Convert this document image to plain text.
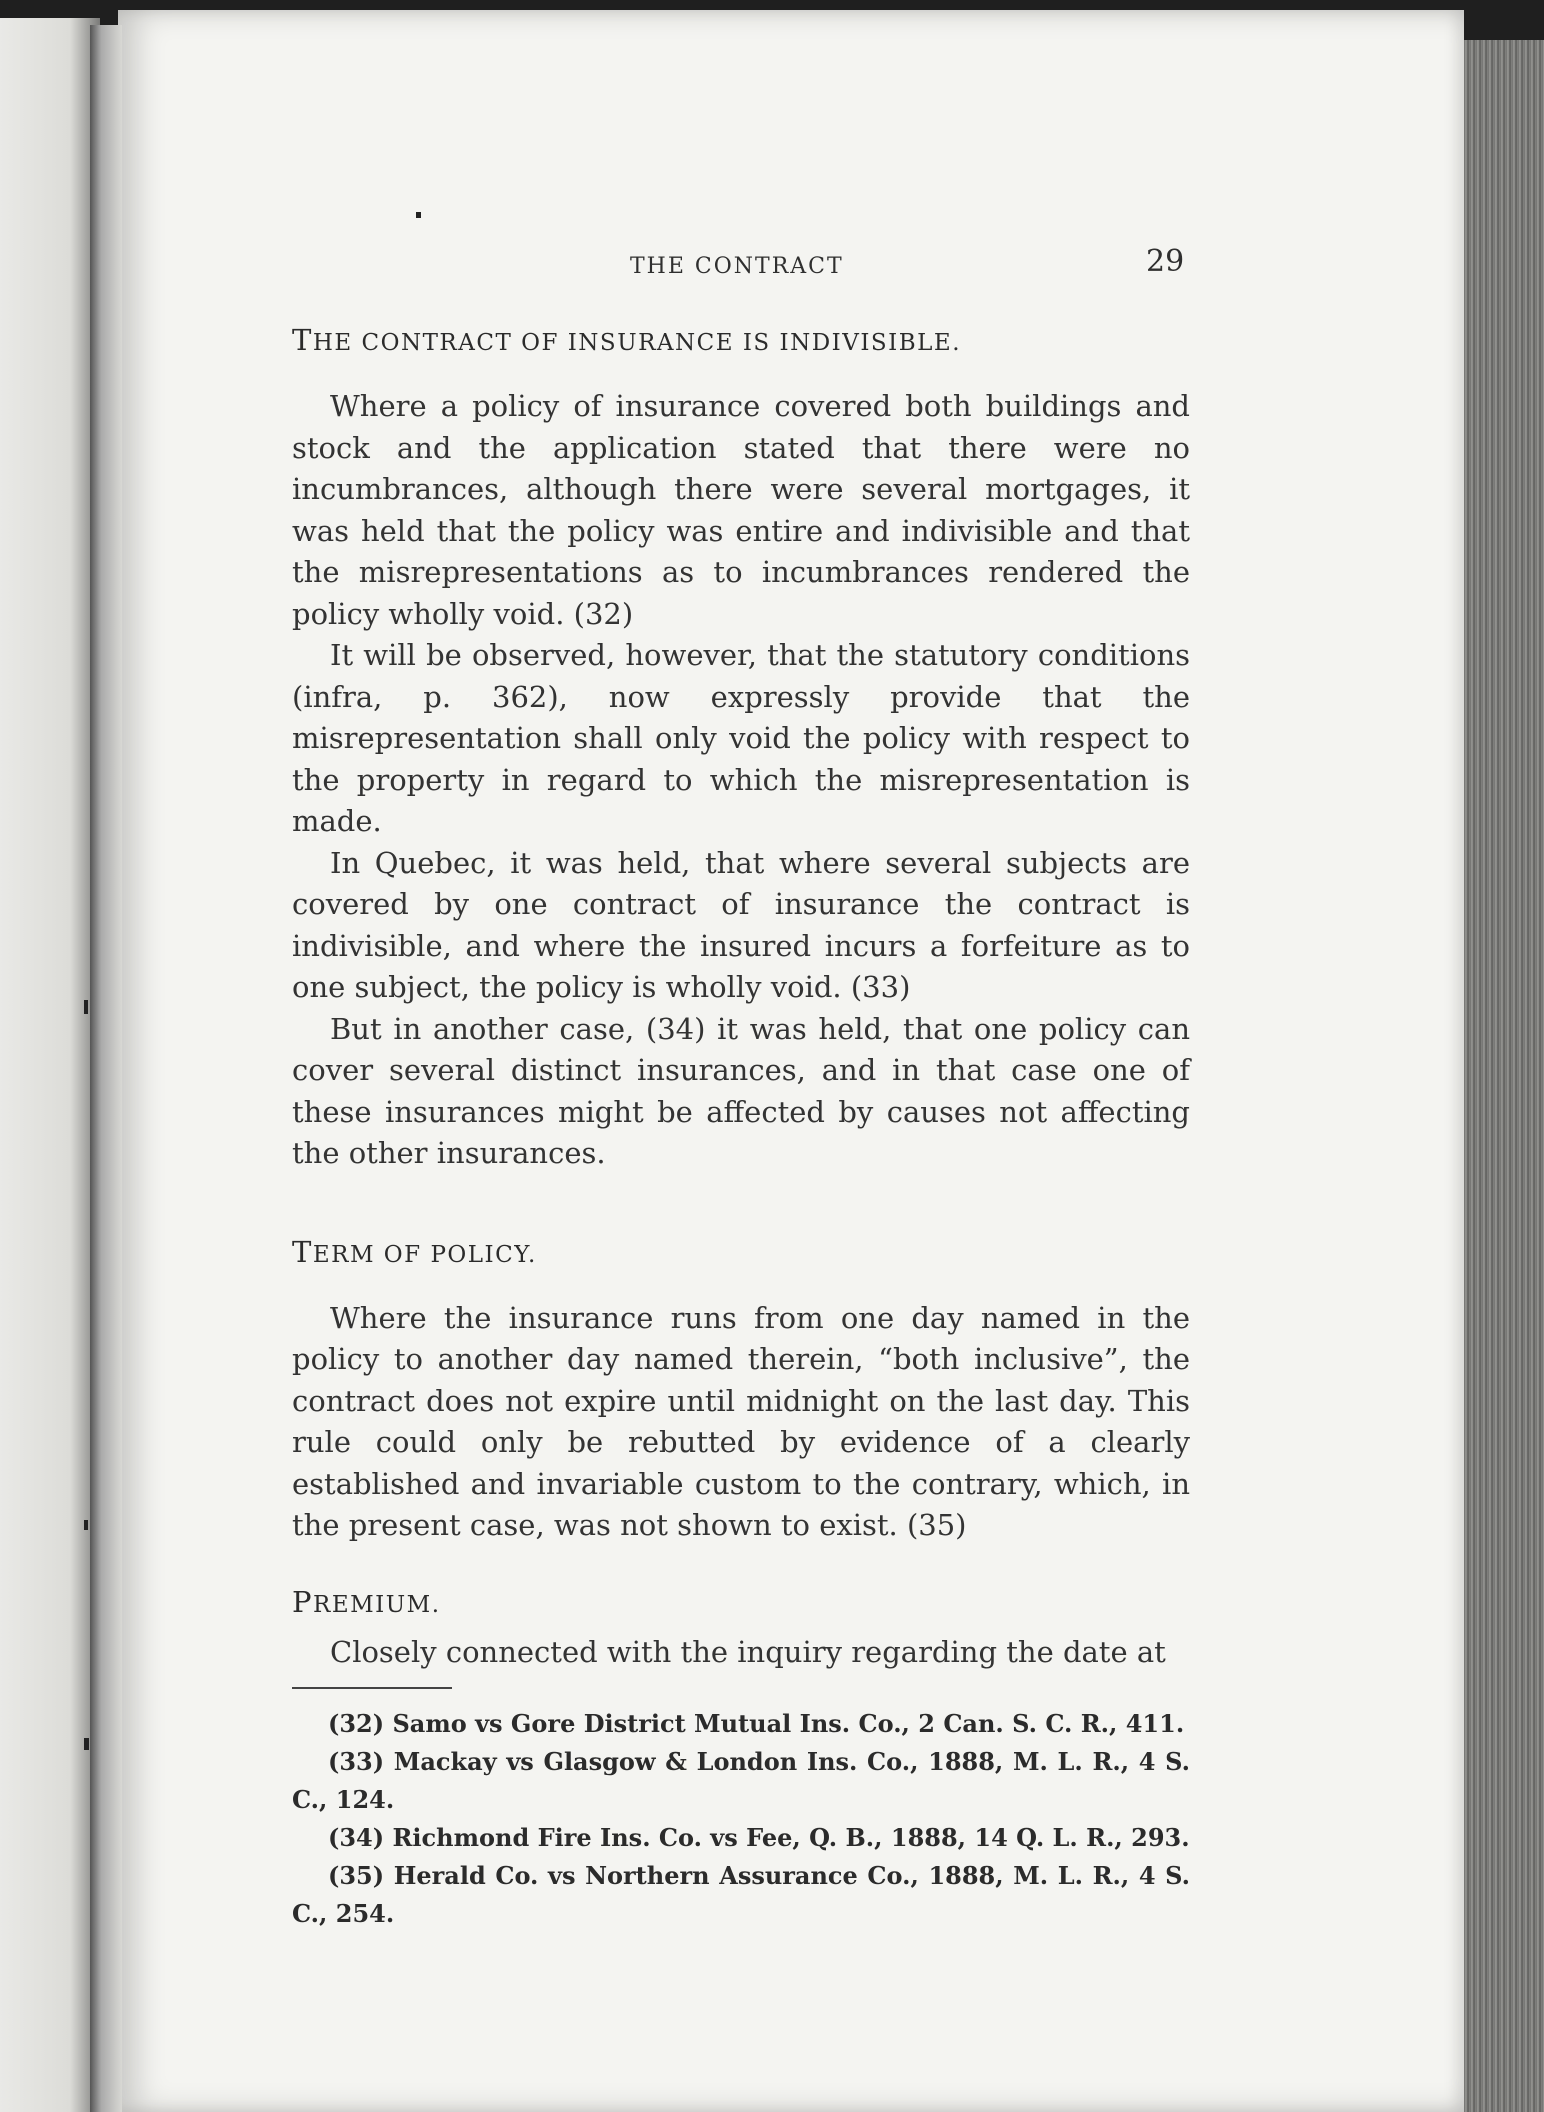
THE CONTRACT	29
THE CONTRACT OF INSURANCE IS INDIVISIBLE.

Where a policy of insurance covered both buildings and stock and the application stated that there were no incumbrances, although there were several mortgages, it was held that the policy was entire and indivisible and that the misrepresentations as to incumbrances rendered the policy wholly void. (32)

It will be observed, however, that the statutory conditions (infra, p. 362), now expressly provide that the misrepresentation shall only void the policy with respect to the property in regard to which the misrepresentation is made.

In Quebec, it was held, that where several subjects are covered by one contract of insurance the contract is indivisible, and where the insured incurs a forfeiture as to one subject, the policy is wholly void. (33)

But in another case, (34) it was held, that one policy can cover several distinct insurances, and in that case one of these insurances might be affected by causes not affecting the other insurances.

TERM OF POLICY.

Where the insurance runs from one day named in the policy to another day named therein, “both inclusive”, the contract does not expire until midnight on the last day. This rule could only be rebutted by evidence of a clearly established and invariable custom to the contrary, which, in the present case, was not shown to exist. (35)

PREMIUM.

Closely connected with the inquiry regarding the date at

(32) Samo vs Gore District Mutual Ins. Co., 2 Can. S. C. R., 411.
(33) Mackay vs Glasgow & London Ins. Co., 1888, M. L. R., 4 S. C., 124.
(34) Richmond Fire Ins. Co. vs Fee, Q. B., 1888, 14 Q. L. R., 293.
(35) Herald Co. vs Northern Assurance Co., 1888, M. L. R., 4 S. C., 254.
